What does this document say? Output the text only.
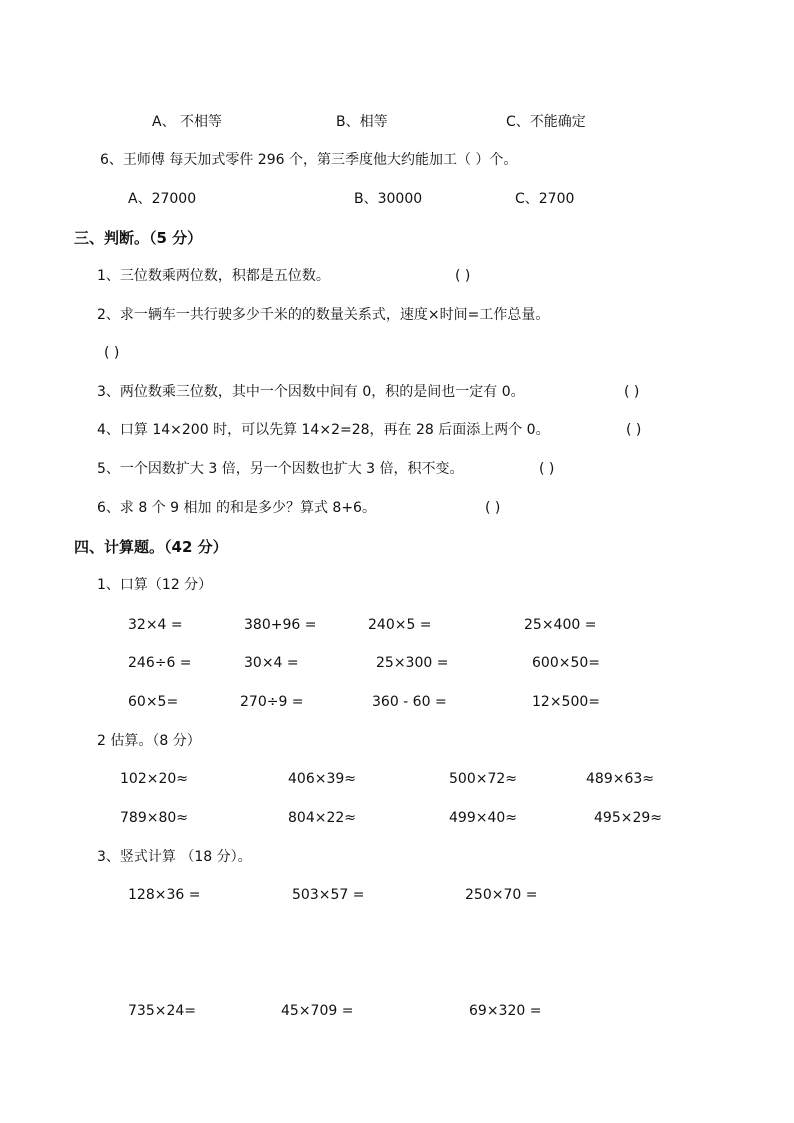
A、 不相等	B、相等	C、不能确定
6、王师傅 每天加式零件 296 个，第三季度他大约能加工（ ）个。
A、27000	B、30000	C、2700
三、判断。（5 分）
1、三位数乘两位数，积都是五位数。	( )
2、求一辆车一共行驶多少千米的的数量关系式，速度×时间=工作总量。
( )
3、两位数乘三位数，其中一个因数中间有 0，积的是间也一定有 0。	( )
4、口算 14×200 时，可以先算 14×2=28，再在 28 后面添上两个 0。	( )
5、一个因数扩大 3 倍，另一个因数也扩大 3 倍，积不变。	( )
6、求 8 个 9 相加 的和是多少？算式 8+6。	( )
四、计算题。（42 分）
1、口算（12 分）
32×4 =	380+96 =	240×5 =	25×400 =
246÷6 =	30×4 =	25×300 =	600×50=
60×5=	270÷9 =	360 - 60 =	12×500=
2 估算。（8 分）
102×20≈	406×39≈	500×72≈	489×63≈
789×80≈	804×22≈	499×40≈	495×29≈
3、竖式计算 （18 分）。
128×36 =	503×57 =	250×70 =
735×24=	45×709 =	69×320 =
